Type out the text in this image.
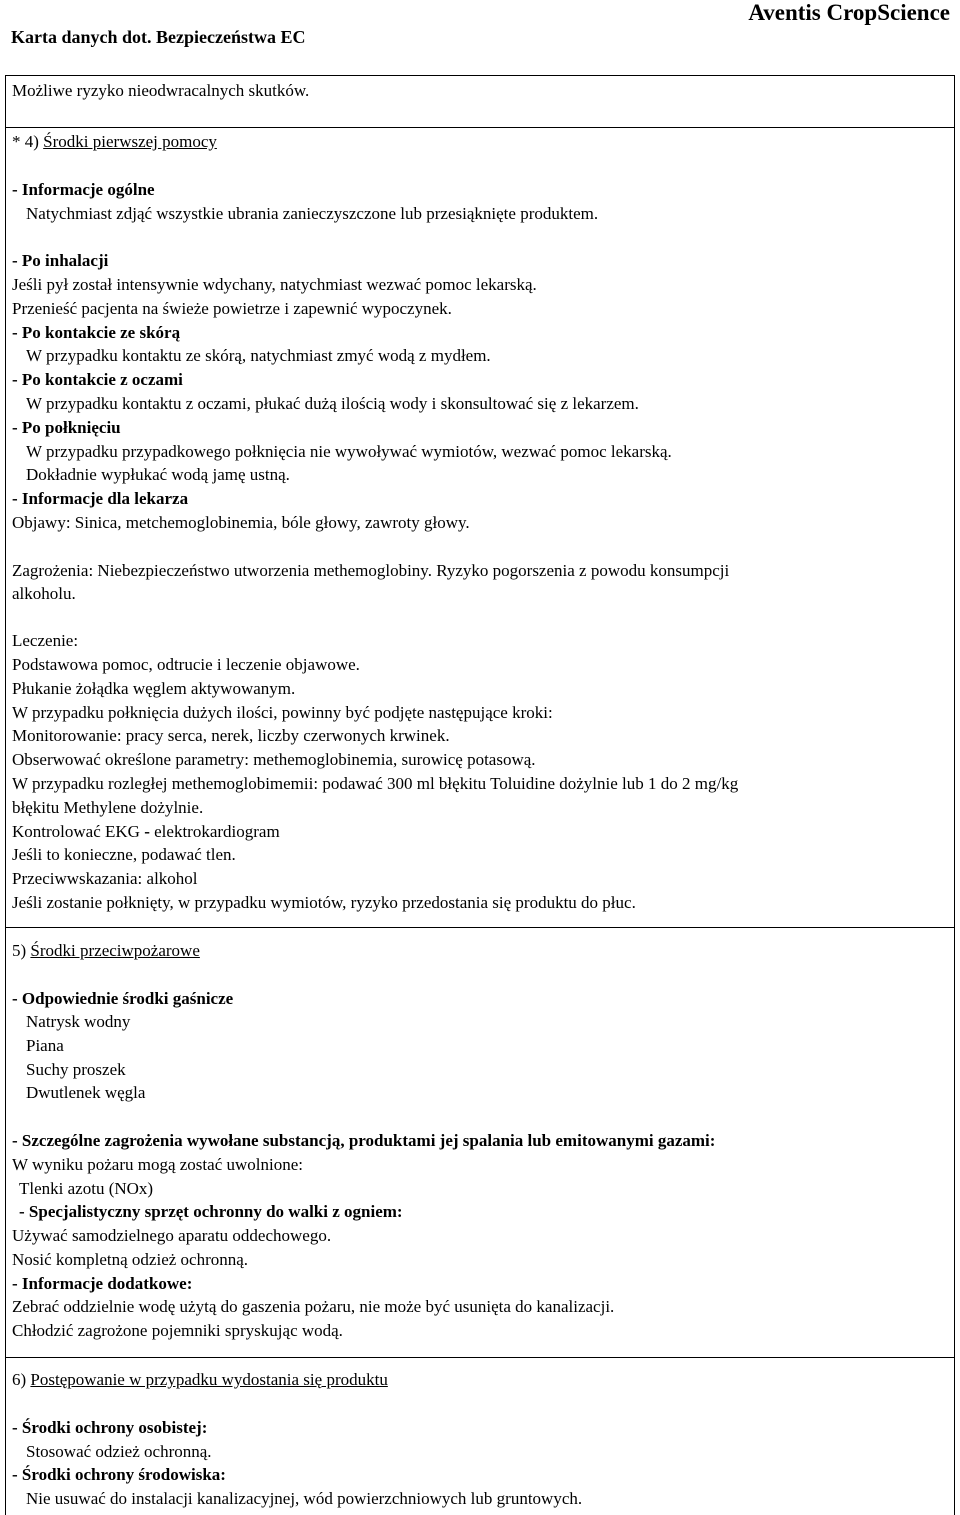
Karta danych dot. Bezpieczeństwa EC
Aventis CropScience
Możliwe ryzyko nieodwracalnych skutków.
* 4) Środki pierwszej pomocy
- Informacje ogólne
Natychmiast zdjąć wszystkie ubrania zanieczyszczone lub przesiąknięte produktem.
- Po inhalacji
Jeśli pył został intensywnie wdychany, natychmiast wezwać pomoc lekarską.
Przenieść pacjenta na świeże powietrze i zapewnić wypoczynek.
- Po kontakcie ze skórą
W przypadku kontaktu ze skórą, natychmiast zmyć wodą z mydłem.
- Po kontakcie z oczami
W przypadku kontaktu z oczami, płukać dużą ilością wody i skonsultować się z lekarzem.
- Po połknięciu
W przypadku przypadkowego połknięcia nie wywoływać wymiotów, wezwać pomoc lekarską.
Dokładnie wypłukać wodą jamę ustną.
- Informacje dla lekarza
Objawy: Sinica, metchemoglobinemia, bóle głowy, zawroty głowy.
Zagrożenia: Niebezpieczeństwo utworzenia methemoglobiny. Ryzyko pogorszenia z powodu konsumpcji
alkoholu.
Leczenie:
Podstawowa pomoc, odtrucie i leczenie objawowe.
Płukanie żołądka węglem aktywowanym.
W przypadku połknięcia dużych ilości, powinny być podjęte następujące kroki:
Monitorowanie: pracy serca, nerek, liczby czerwonych krwinek.
Obserwować określone parametry: methemoglobinemia, surowicę potasową.
W przypadku rozległej methemoglobimemii: podawać 300 ml błękitu Toluidine dożylnie lub 1 do 2 mg/kg
błękitu Methylene dożylnie.
Kontrolować EKG - elektrokardiogram
Jeśli to konieczne, podawać tlen.
Przeciwwskazania: alkohol
Jeśli zostanie połknięty, w przypadku wymiotów, ryzyko przedostania się produktu do płuc.
5) Środki przeciwpożarowe
- Odpowiednie środki gaśnicze
Natrysk wodny
Piana
Suchy proszek
Dwutlenek węgla
- Szczególne zagrożenia wywołane substancją, produktami jej spalania lub emitowanymi gazami:
W wyniku pożaru mogą zostać uwolnione:
Tlenki azotu (NOx)
- Specjalistyczny sprzęt ochronny do walki z ogniem:
Używać samodzielnego aparatu oddechowego.
Nosić kompletną odzież ochronną.
- Informacje dodatkowe:
Zebrać oddzielnie wodę użytą do gaszenia pożaru, nie może być usunięta do kanalizacji.
Chłodzić zagrożone pojemniki spryskując wodą.
6) Postępowanie w przypadku wydostania się produktu
- Środki ochrony osobistej:
Stosować odzież ochronną.
- Środki ochrony środowiska:
Nie usuwać do instalacji kanalizacyjnej, wód powierzchniowych lub gruntowych.
